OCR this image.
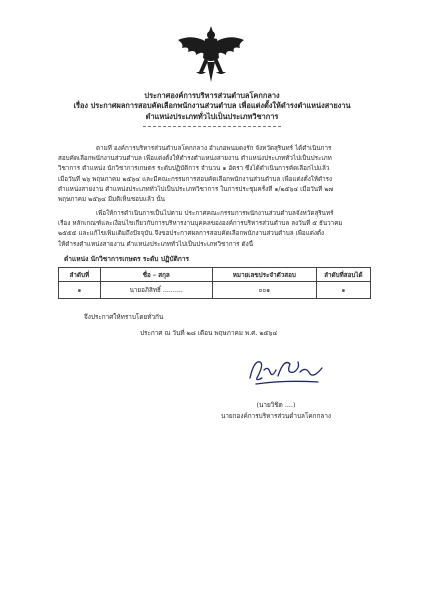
ประกาศองค์การบริหารส่วนตำบลโคกกลาง
เรื่อง ประกาศผลการสอบคัดเลือกพนักงานส่วนตำบล เพื่อแต่งตั้งให้ดำรงตำแหน่งสายงาน
ตำแหน่งประเภททั่วไปเป็นประเภทวิชาการ
ตามที่ องค์การบริหารส่วนตำบลโคกกลาง อำเภอพนมดงรัก จังหวัดสุรินทร์ ได้ดำเนินการ
สอบคัดเลือกพนักงานส่วนตำบล เพื่อแต่งตั้งให้ดำรงตำแหน่งสายงาน ตำแหน่งประเภททั่วไปเป็นประเภท
วิชาการ ตำแหน่ง นักวิชาการเกษตร ระดับปฏิบัติการ จำนวน ๑ อัตรา ซึ่งได้ดำเนินการคัดเลือกไปแล้ว
เมื่อวันที่ ๒๖ พฤษภาคม ๒๕๖๔ และมีคณะกรรมการสอบคัดเลือกพนักงานส่วนตำบล เพื่อแต่งตั้งให้ดำรง
ตำแหน่งสายงาน ตำแหน่งประเภททั่วไปเป็นประเภทวิชาการ ในการประชุมครั้งที่ ๑/๒๕๖๔ เมื่อวันที่ ๒๗
พฤษภาคม ๒๕๖๔ มีมติเห็นชอบแล้ว นั้น
เพื่อให้การดำเนินการเป็นไปตาม ประกาศคณะกรรมการพนักงานส่วนตำบลจังหวัดสุรินทร์
เรื่อง หลักเกณฑ์และเงื่อนไขเกี่ยวกับการบริหารงานบุคคลขององค์การบริหารส่วนตำบล ลงวันที่ ๕ ธันวาคม
๒๕๕๕ และแก้ไขเพิ่มเติมถึงปัจจุบัน จึงขอประกาศผลการสอบคัดเลือกพนักงานส่วนตำบล เพื่อแต่งตั้ง
ให้ดำรงตำแหน่งสายงาน ตำแหน่งประเภททั่วไปเป็นประเภทวิชาการ ดังนี้
ตำแหน่ง นักวิชาการเกษตร ระดับ ปฏิบัติการ
ลำดับที่	ชื่อ – สกุล	หมายเลขประจำตัวสอบ	ลำดับที่สอบได้
๑	นายอภิสิทธิ์ ..........	๐๐๑	๑
จึงประกาศให้ทราบโดยทั่วกัน
ประกาศ ณ วันที่ ๒๘ เดือน พฤษภาคม พ.ศ. ๒๕๖๔
(นายวิชิต ....)
นายกองค์การบริหารส่วนตำบลโคกกลาง
